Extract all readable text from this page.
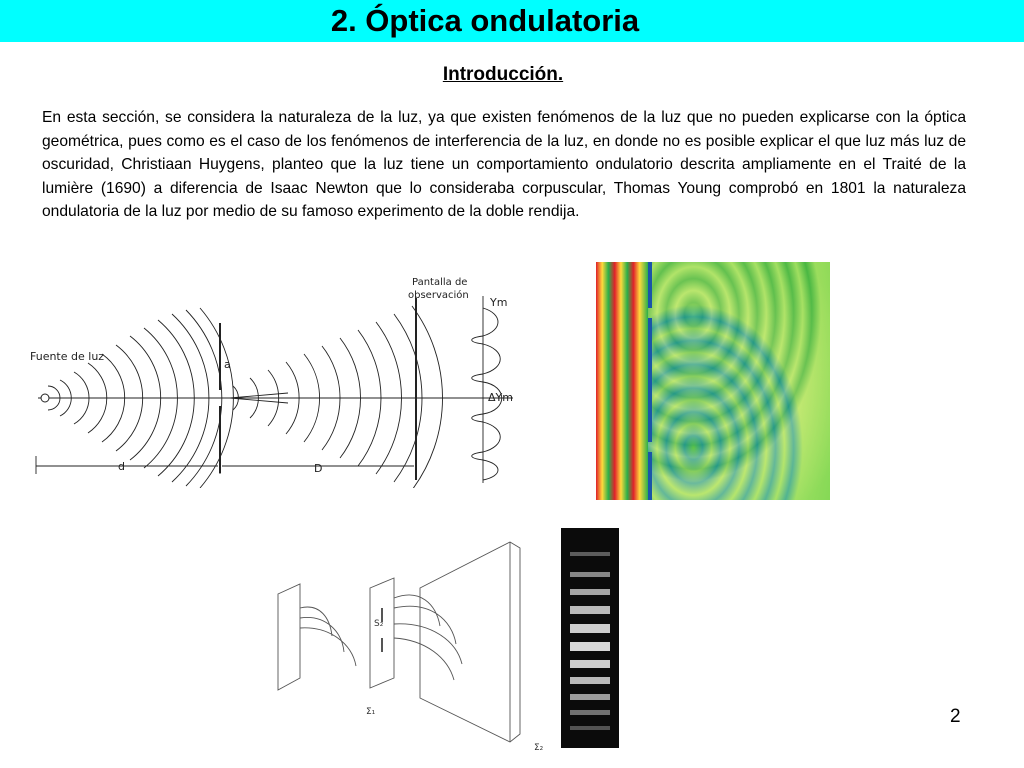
2. Óptica ondulatoria
Introducción.
En esta sección, se considera la naturaleza de la luz, ya que existen fenómenos de la luz que no pueden explicarse con la óptica geométrica, pues como es el caso de los fenómenos de interferencia de la luz, en donde no es posible explicar el que luz más luz de oscuridad, Christiaan Huygens, planteo que la luz tiene un comportamiento ondulatorio descrita ampliamente en el Traité de la lumière (1690) a diferencia de Isaac Newton que lo consideraba corpuscular, Thomas Young comprobó en 1801 la naturaleza ondulatoria de la luz por medio de su famoso experimento de la doble rendija.
Fuente de luz
Pantalla de
observación
Ym
ΔYm
a
d	D
S₂
Σ₁
Σ₂
2
